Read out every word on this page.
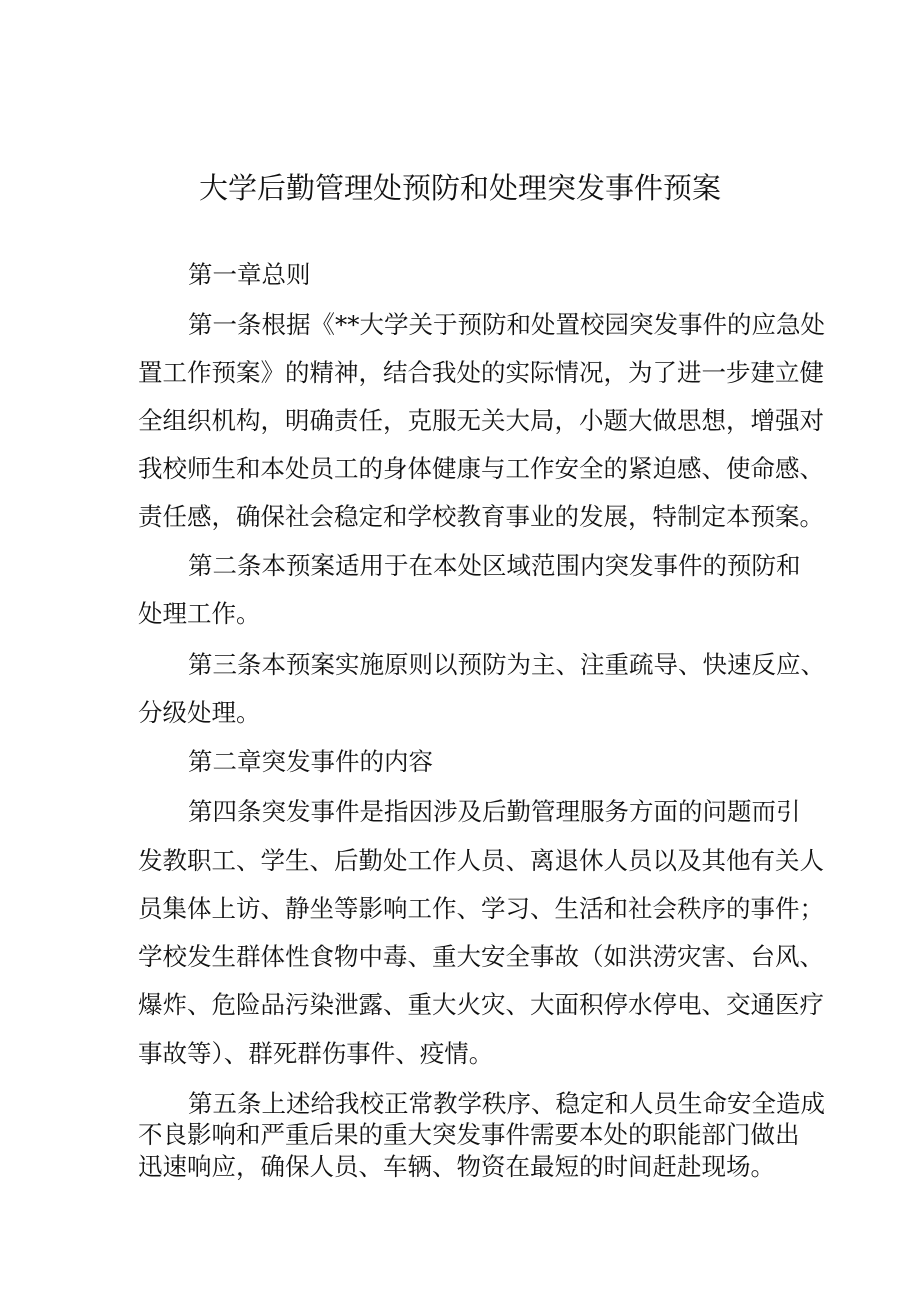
大学后勤管理处预防和处理突发事件预案
第一章总则
第一条根据《**大学关于预防和处置校园突发事件的应急处
置工作预案》的精神，结合我处的实际情况，为了进一步建立健
全组织机构，明确责任，克服无关大局，小题大做思想，增强对
我校师生和本处员工的身体健康与工作安全的紧迫感、使命感、
责任感，确保社会稳定和学校教育事业的发展，特制定本预案。
第二条本预案适用于在本处区域范围内突发事件的预防和
处理工作。
第三条本预案实施原则以预防为主、注重疏导、快速反应、
分级处理。
第二章突发事件的内容
第四条突发事件是指因涉及后勤管理服务方面的问题而引
发教职工、学生、后勤处工作人员、离退休人员以及其他有关人
员集体上访、静坐等影响工作、学习、生活和社会秩序的事件；
学校发生群体性食物中毒、重大安全事故（如洪涝灾害、台风、
爆炸、危险品污染泄露、重大火灾、大面积停水停电、交通医疗
事故等）、群死群伤事件、疫情。
第五条上述给我校正常教学秩序、稳定和人员生命安全造成
不良影响和严重后果的重大突发事件需要本处的职能部门做出
迅速响应，确保人员、车辆、物资在最短的时间赶赴现场。
